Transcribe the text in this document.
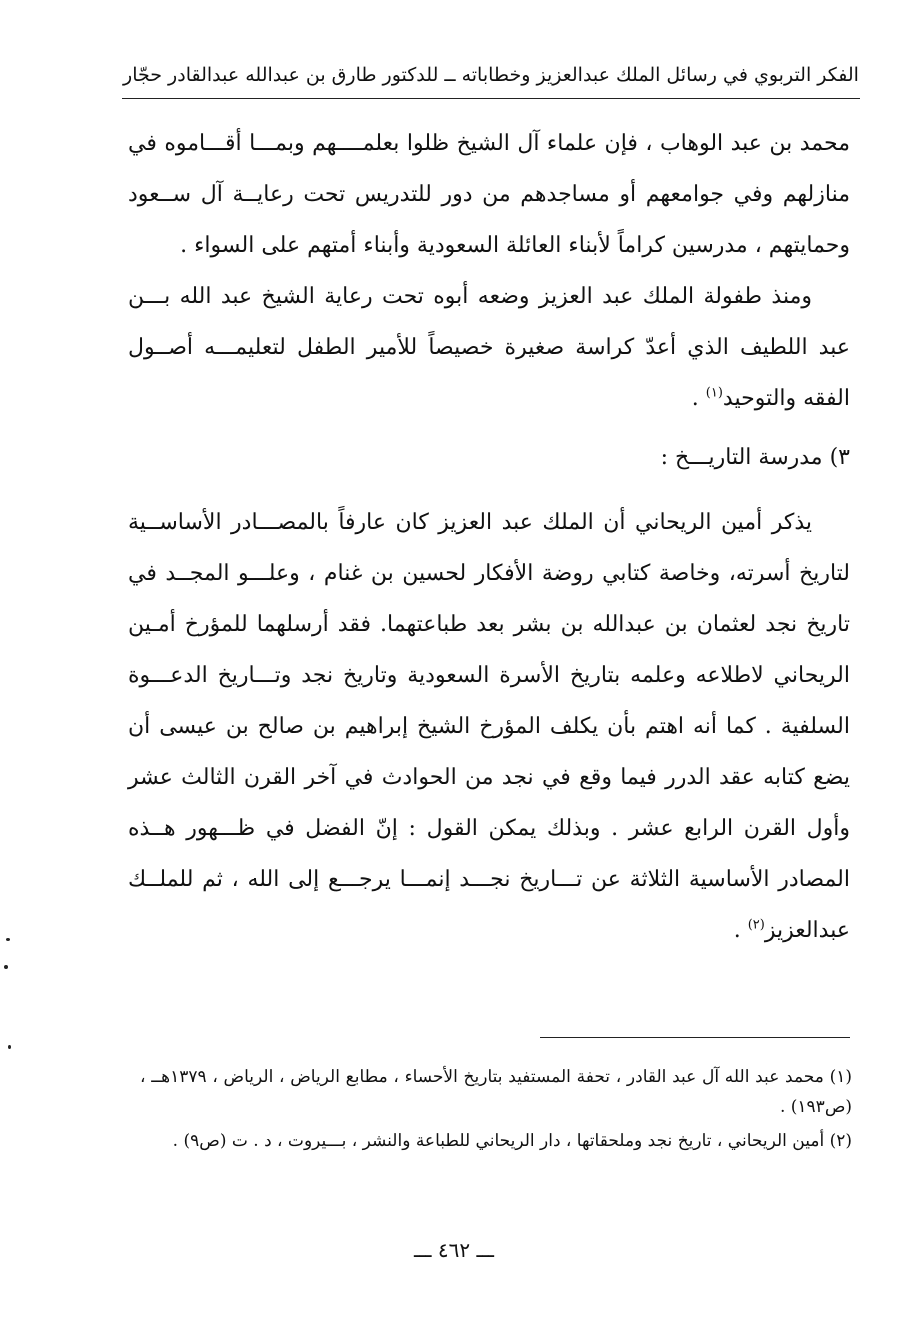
الفكر التربوي في رسائل الملك عبدالعزيز وخطاباته ــ للدكتور طارق بن عبدالله عبدالقادر حجّار

محمد بن عبد الوهاب ، فإن علماء آل الشيخ ظلوا بعلمــــهم وبمـــا أقـــاموه في منازلهم وفي جوامعهم أو مساجدهم من دور للتدريس تحت رعايــة آل ســعود وحمايتهم ، مدرسين كراماً لأبناء العائلة السعودية وأبناء أمتهم على السواء .

ومنذ طفولة الملك عبد العزيز وضعه أبوه تحت رعاية الشيخ عبد الله بـــن عبد اللطيف الذي أعدّ كراسة صغيرة خصيصاً للأمير الطفل لتعليمـــه أصــول الفقه والتوحيد$^{(١)}$ .

٣) مدرسة التاريـــخ :

يذكر أمين الريحاني أن الملك عبد العزيز كان عارفاً بالمصـــادر الأساســية لتاريخ أسرته، وخاصة كتابي روضة الأفكار لحسين بن غنام ، وعلـــو المجــد في تاريخ نجد لعثمان بن عبدالله بن بشر بعد طباعتهما. فقد أرسلهما للمؤرخ أمـين الريحاني لاطلاعه وعلمه بتاريخ الأسرة السعودية وتاريخ نجد وتـــاريخ الدعـــوة السلفية . كما أنه اهتم بأن يكلف المؤرخ الشيخ إبراهيم بن صالح بن عيسى أن يضع كتابه عقد الدرر فيما وقع في نجد من الحوادث في آخر القرن الثالث عشر وأول القرن الرابع عشر . وبذلك يمكن القول : إنّ الفضل في ظـــهور هــذه المصادر الأساسية الثلاثة عن تـــاريخ نجـــد إنمـــا يرجـــع إلى الله ، ثم للملــك عبدالعزيز$^{(٢)}$ .

(١) محمد عبد الله آل عبد القادر ، تحفة المستفيد بتاريخ الأحساء ، مطابع الرياض ، الرياض ، ١٣٧٩هــ ، (ص١٩٣) .

(٢) أمين الريحاني ، تاريخ نجد وملحقاتها ، دار الريحاني للطباعة والنشر ، بـــيروت ، د . ت (ص٩) .

ـــ ٤٦٢ ـــ
